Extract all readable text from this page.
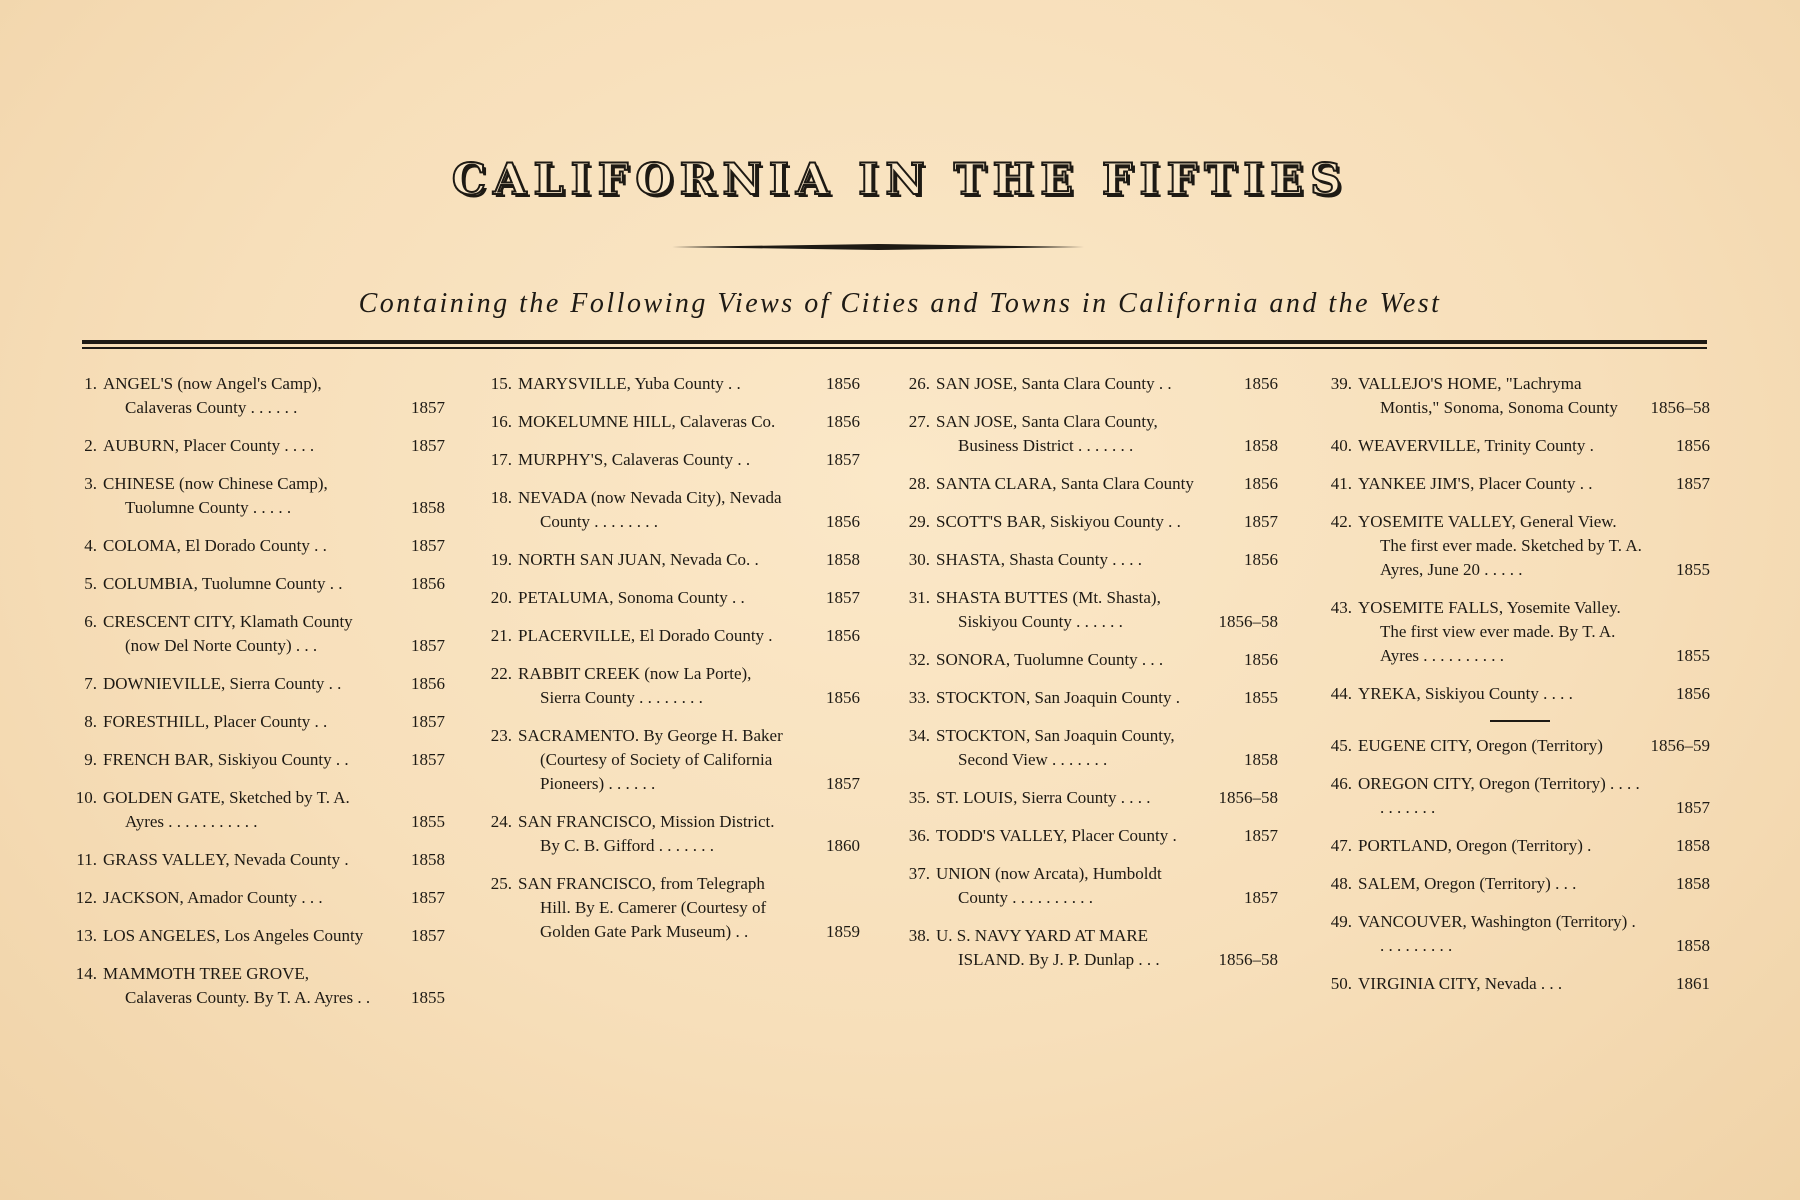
CALIFORNIA IN THE FIFTIES
Containing the Following Views of Cities and Towns in California and the West
1. ANGEL'S (now Angel's Camp), Calaveras County . . . . . .	1857
2. AUBURN, Placer County . . . .	1857
3. CHINESE (now Chinese Camp), Tuolumne County . . . . .	1858
4. COLOMA, El Dorado County . .	1857
5. COLUMBIA, Tuolumne County . .	1856
6. CRESCENT CITY, Klamath County (now Del Norte County) . . .	1857
7. DOWNIEVILLE, Sierra County . .	1856
8. FORESTHILL, Placer County . .	1857
9. FRENCH BAR, Siskiyou County . .	1857
10. GOLDEN GATE, Sketched by T. A. Ayres . . . . . . . . . . .	1855
11. GRASS VALLEY, Nevada County .	1858
12. JACKSON, Amador County . . .	1857
13. LOS ANGELES, Los Angeles County	1857
14. MAMMOTH TREE GROVE, Calaveras County. By T. A. Ayres . .	1855
15. MARYSVILLE, Yuba County . .	1856
16. MOKELUMNE HILL, Calaveras Co.	1856
17. MURPHY'S, Calaveras County . .	1857
18. NEVADA (now Nevada City), Nevada County . . . . . . . .	1856
19. NORTH SAN JUAN, Nevada Co. .	1858
20. PETALUMA, Sonoma County . .	1857
21. PLACERVILLE, El Dorado County .	1856
22. RABBIT CREEK (now La Porte), Sierra County . . . . . . . .	1856
23. SACRAMENTO. By George H. Baker (Courtesy of Society of California Pioneers) . . . . . .	1857
24. SAN FRANCISCO, Mission District. By C. B. Gifford . . . . . . .	1860
25. SAN FRANCISCO, from Telegraph Hill. By E. Camerer (Courtesy of Golden Gate Park Museum) . .	1859
26. SAN JOSE, Santa Clara County . .	1856
27. SAN JOSE, Santa Clara County, Business District . . . . . . .	1858
28. SANTA CLARA, Santa Clara County	1856
29. SCOTT'S BAR, Siskiyou County . .	1857
30. SHASTA, Shasta County . . . .	1856
31. SHASTA BUTTES (Mt. Shasta), Siskiyou County . . . . . .	1856–58
32. SONORA, Tuolumne County . . .	1856
33. STOCKTON, San Joaquin County .	1855
34. STOCKTON, San Joaquin County, Second View . . . . . . .	1858
35. ST. LOUIS, Sierra County . . . .	1856–58
36. TODD'S VALLEY, Placer County .	1857
37. UNION (now Arcata), Humboldt County . . . . . . . . . .	1857
38. U. S. NAVY YARD AT MARE ISLAND. By J. P. Dunlap . . .	1856–58
39. VALLEJO'S HOME, "Lachryma Montis," Sonoma, Sonoma County	1856–58
40. WEAVERVILLE, Trinity County .	1856
41. YANKEE JIM'S, Placer County . .	1857
42. YOSEMITE VALLEY, General View. The first ever made. Sketched by T. A. Ayres, June 20 . . . . .	1855
43. YOSEMITE FALLS, Yosemite Valley. The first view ever made. By T. A. Ayres . . . . . . . . . .	1855
44. YREKA, Siskiyou County . . . .	1856
45. EUGENE CITY, Oregon (Territory)	1856–59
46. OREGON CITY, Oregon (Territory) . . . . . . . . . . .	1857
47. PORTLAND, Oregon (Territory) .	1858
48. SALEM, Oregon (Territory) . . .	1858
49. VANCOUVER, Washington (Territory) . . . . . . . . . .	1858
50. VIRGINIA CITY, Nevada . . .	1861
